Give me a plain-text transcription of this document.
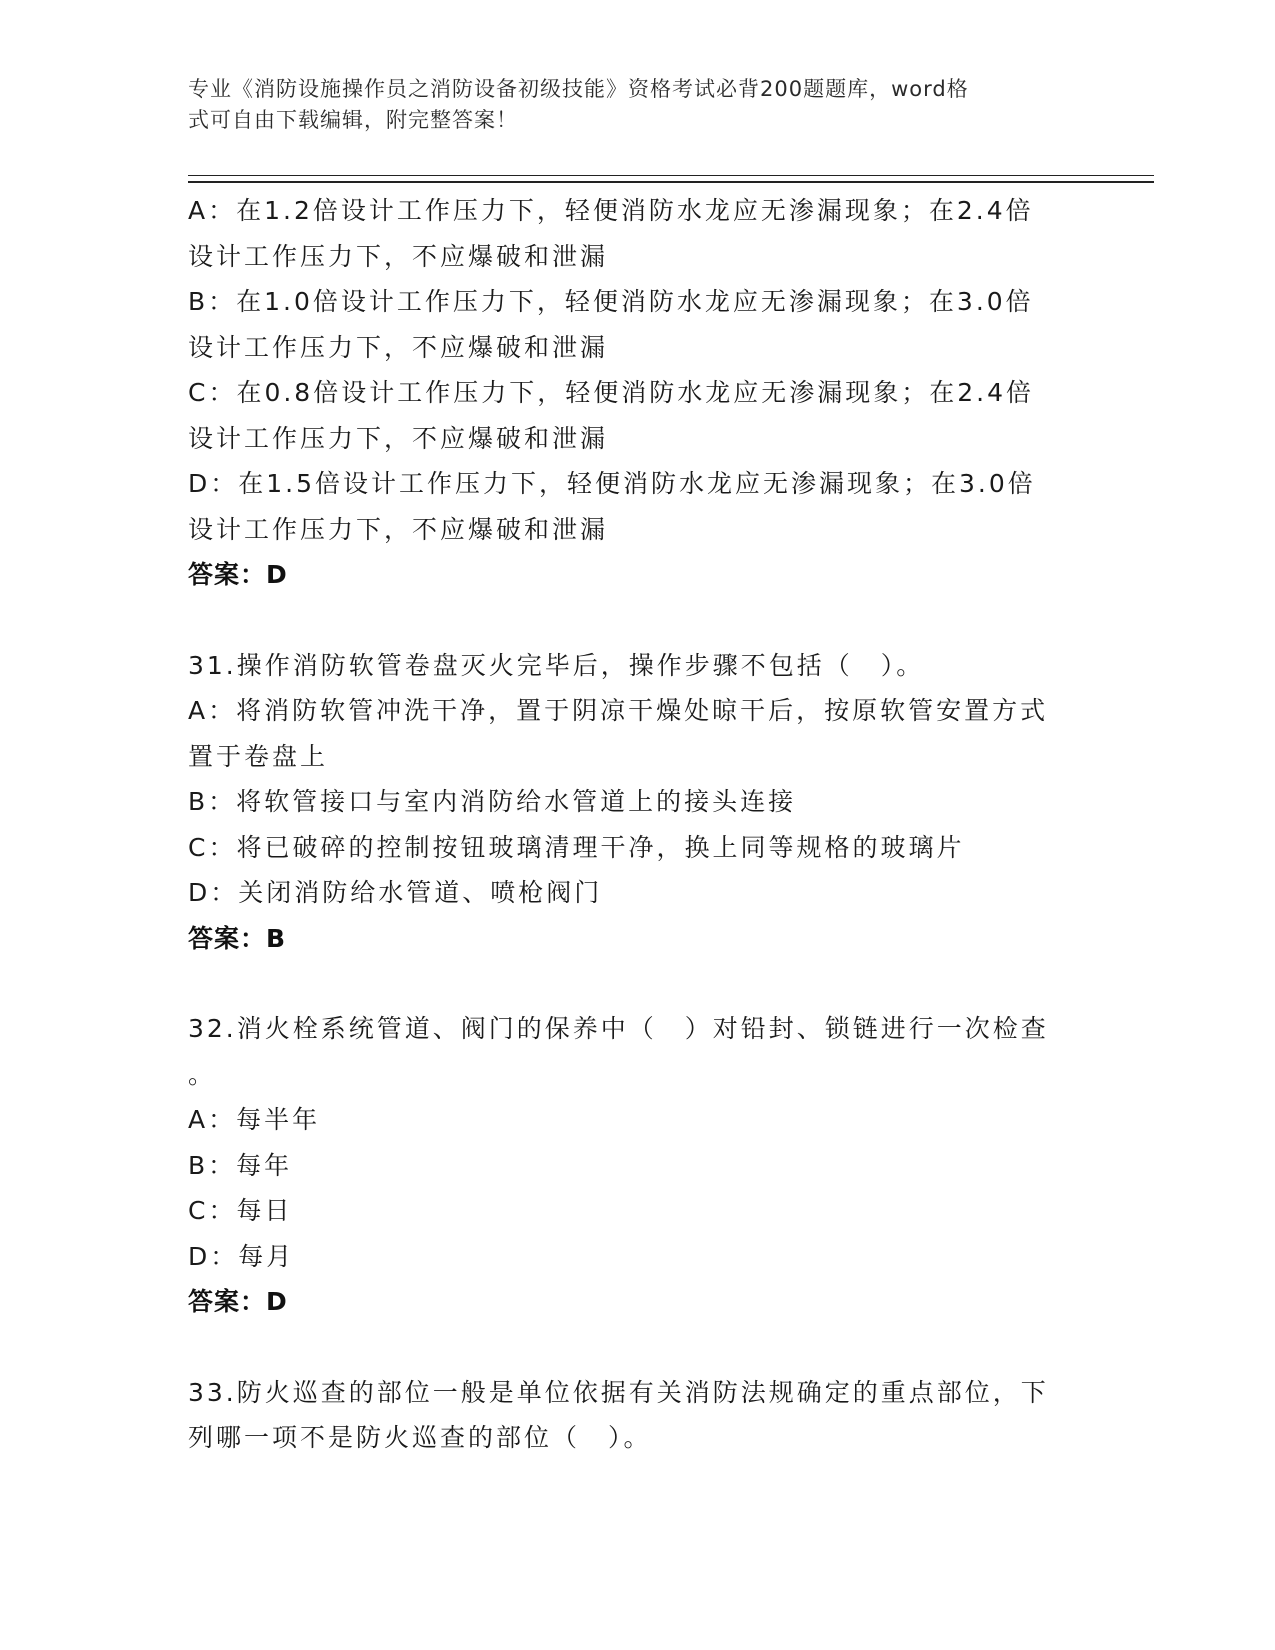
专业《消防设施操作员之消防设备初级技能》资格考试必背200题题库，word格
式可自由下载编辑，附完整答案！
A：在1.2倍设计工作压力下，轻便消防水龙应无渗漏现象；在2.4倍
设计工作压力下，不应爆破和泄漏
B：在1.0倍设计工作压力下，轻便消防水龙应无渗漏现象；在3.0倍
设计工作压力下，不应爆破和泄漏
C：在0.8倍设计工作压力下，轻便消防水龙应无渗漏现象；在2.4倍
设计工作压力下，不应爆破和泄漏
D：在1.5倍设计工作压力下，轻便消防水龙应无渗漏现象；在3.0倍
设计工作压力下，不应爆破和泄漏
答案：D
31.操作消防软管卷盘灭火完毕后，操作步骤不包括（　）。
A：将消防软管冲洗干净，置于阴凉干燥处晾干后，按原软管安置方式
置于卷盘上
B：将软管接口与室内消防给水管道上的接头连接
C：将已破碎的控制按钮玻璃清理干净，换上同等规格的玻璃片
D：关闭消防给水管道、喷枪阀门
答案：B
32.消火栓系统管道、阀门的保养中（　）对铅封、锁链进行一次检查
。
A：每半年
B：每年
C：每日
D：每月
答案：D
33.防火巡查的部位一般是单位依据有关消防法规确定的重点部位，下
列哪一项不是防火巡查的部位（　）。
